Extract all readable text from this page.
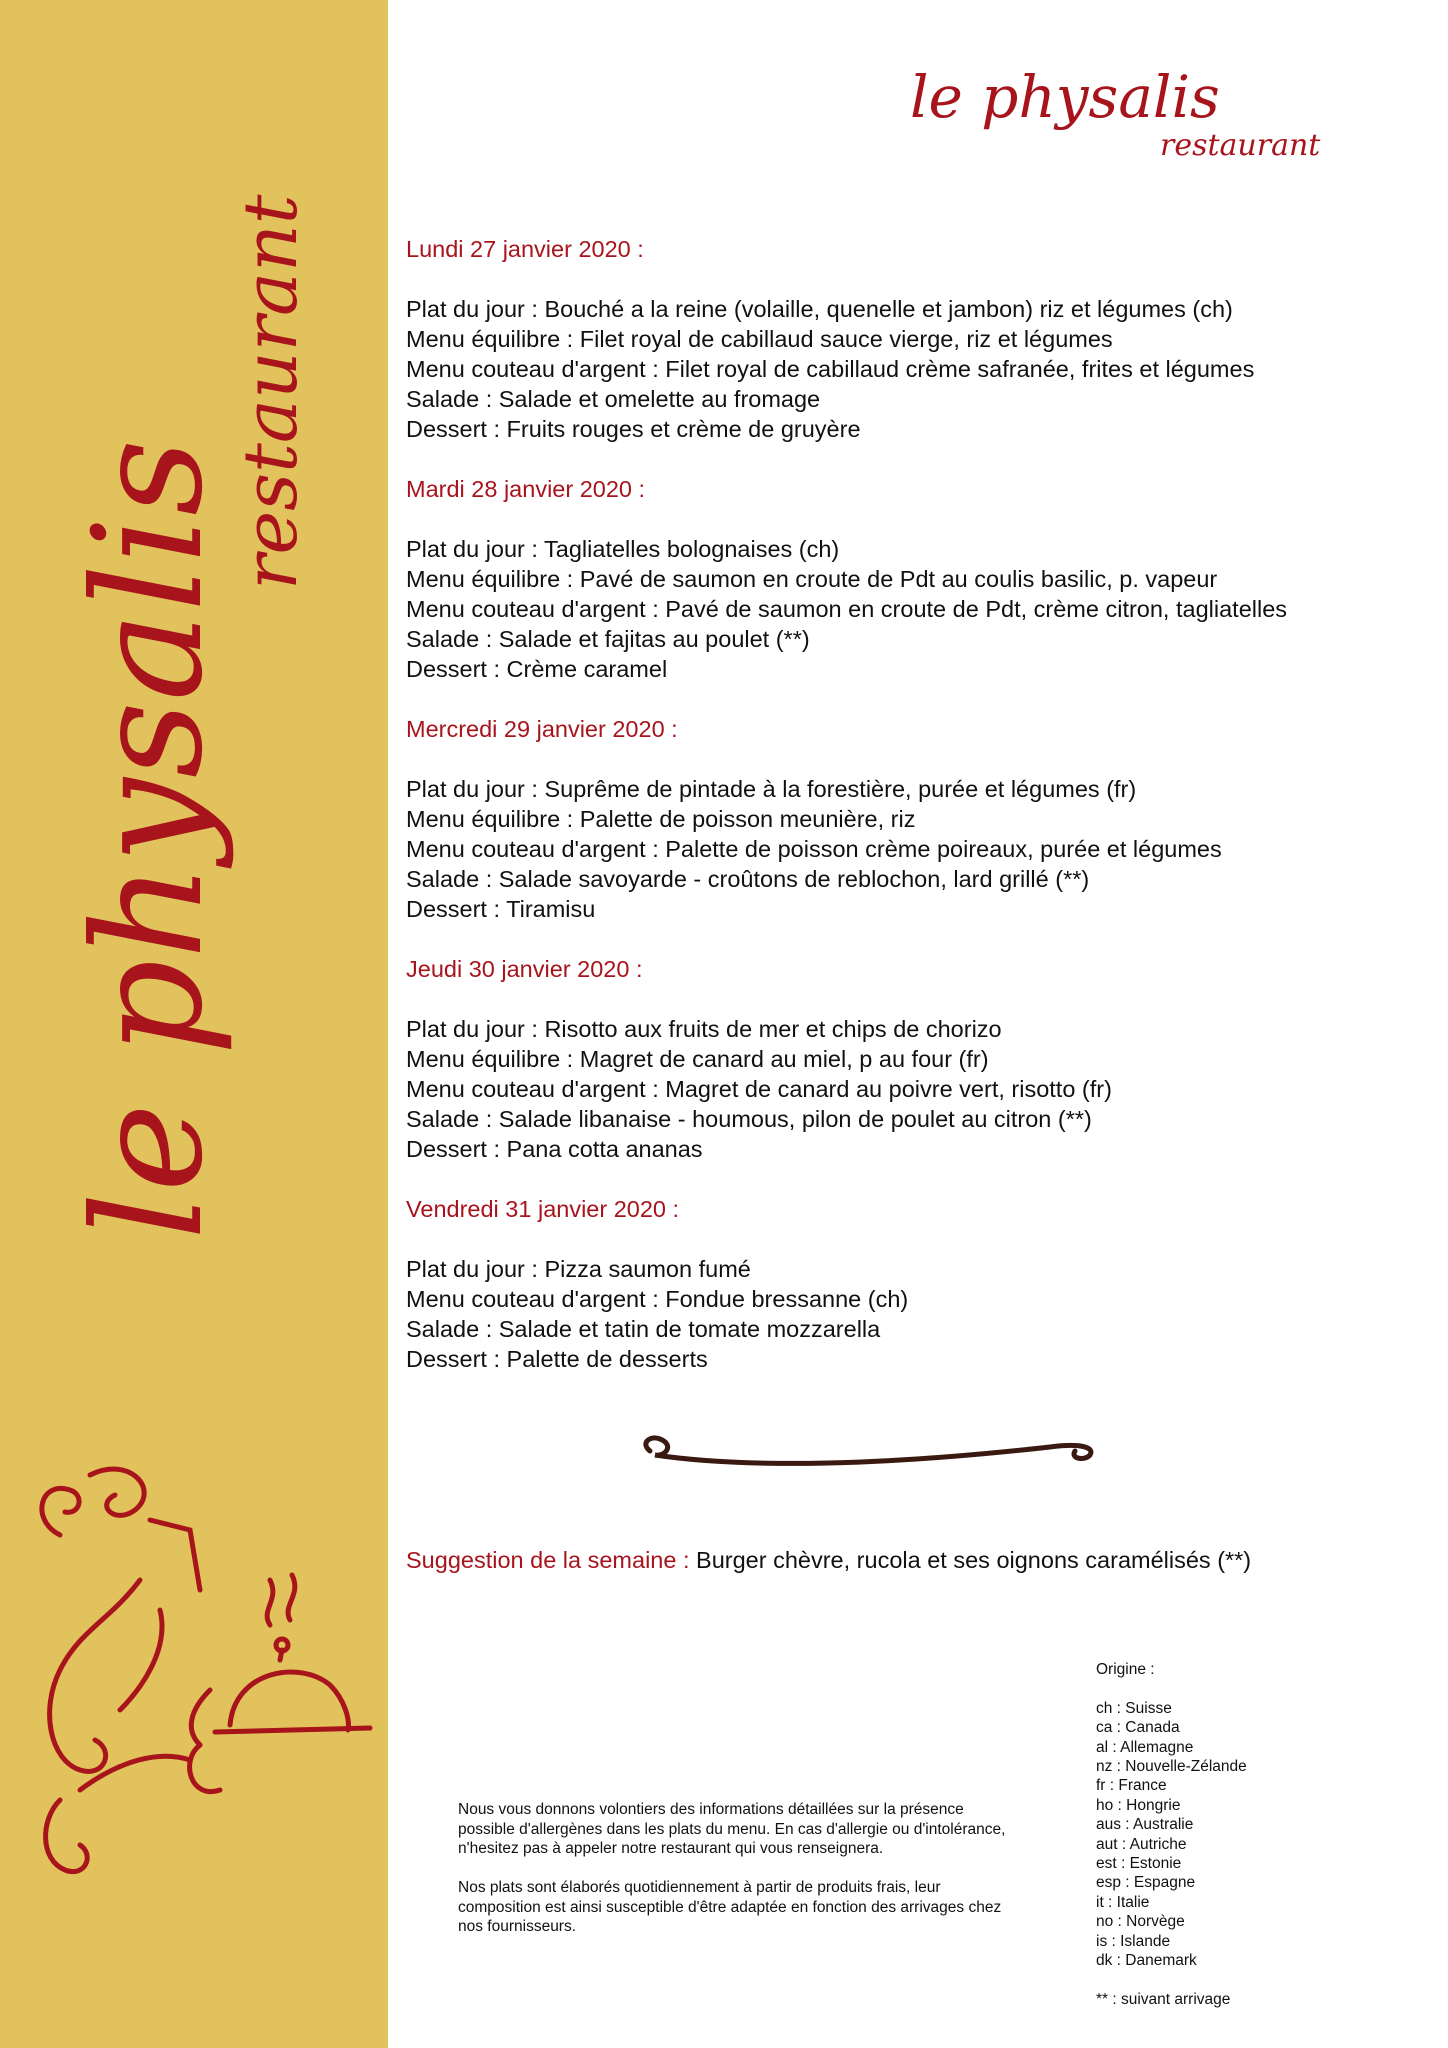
le physalis
restaurant
le physalis
restaurant
Lundi 27 janvier 2020 :
Plat du jour : Bouché a la reine (volaille, quenelle et jambon) riz et légumes (ch)
Menu équilibre : Filet royal de cabillaud sauce vierge, riz et légumes
Menu couteau d'argent : Filet royal de cabillaud crème safranée, frites et légumes
Salade : Salade et omelette au fromage
Dessert : Fruits rouges et crème de gruyère
Mardi 28 janvier 2020 :
Plat du jour : Tagliatelles bolognaises (ch)
Menu équilibre : Pavé de saumon en croute de Pdt au coulis basilic, p. vapeur
Menu couteau d'argent : Pavé de saumon en croute de Pdt, crème citron, tagliatelles
Salade : Salade et fajitas au poulet (**)
Dessert : Crème caramel
Mercredi 29 janvier 2020 :
Plat du jour : Suprême de pintade à la forestière, purée et légumes (fr)
Menu équilibre : Palette de poisson meunière, riz
Menu couteau d'argent : Palette de poisson crème poireaux, purée et légumes
Salade : Salade savoyarde - croûtons de reblochon, lard grillé (**)
Dessert : Tiramisu
Jeudi 30 janvier 2020 :
Plat du jour : Risotto aux fruits de mer et chips de chorizo
Menu équilibre : Magret de canard au miel, p au four (fr)
Menu couteau d'argent : Magret de canard au poivre vert, risotto (fr)
Salade : Salade libanaise - houmous, pilon de poulet au citron (**)
Dessert : Pana cotta ananas
Vendredi 31 janvier 2020 :
Plat du jour : Pizza saumon fumé
Menu couteau d'argent : Fondue bressanne (ch)
Salade : Salade et tatin de tomate mozzarella
Dessert : Palette de desserts
Suggestion de la semaine : Burger chèvre, rucola et ses oignons caramélisés (**)
Origine :
ch : Suisse
ca : Canada
al : Allemagne
nz : Nouvelle-Zélande
fr : France
ho : Hongrie
aus : Australie
aut : Autriche
est : Estonie
esp : Espagne
it : Italie
no : Norvège
is : Islande
dk : Danemark
** : suivant arrivage

Nous vous donnons volontiers des informations détaillées sur la présence possible d'allergènes dans les plats du menu. En cas d'allergie ou d'intolérance, n'hesitez pas à appeler notre restaurant qui vous renseignera.

Nos plats sont élaborés quotidiennement à partir de produits frais, leur composition est ainsi susceptible d'être adaptée en fonction des arrivages chez nos fournisseurs.
